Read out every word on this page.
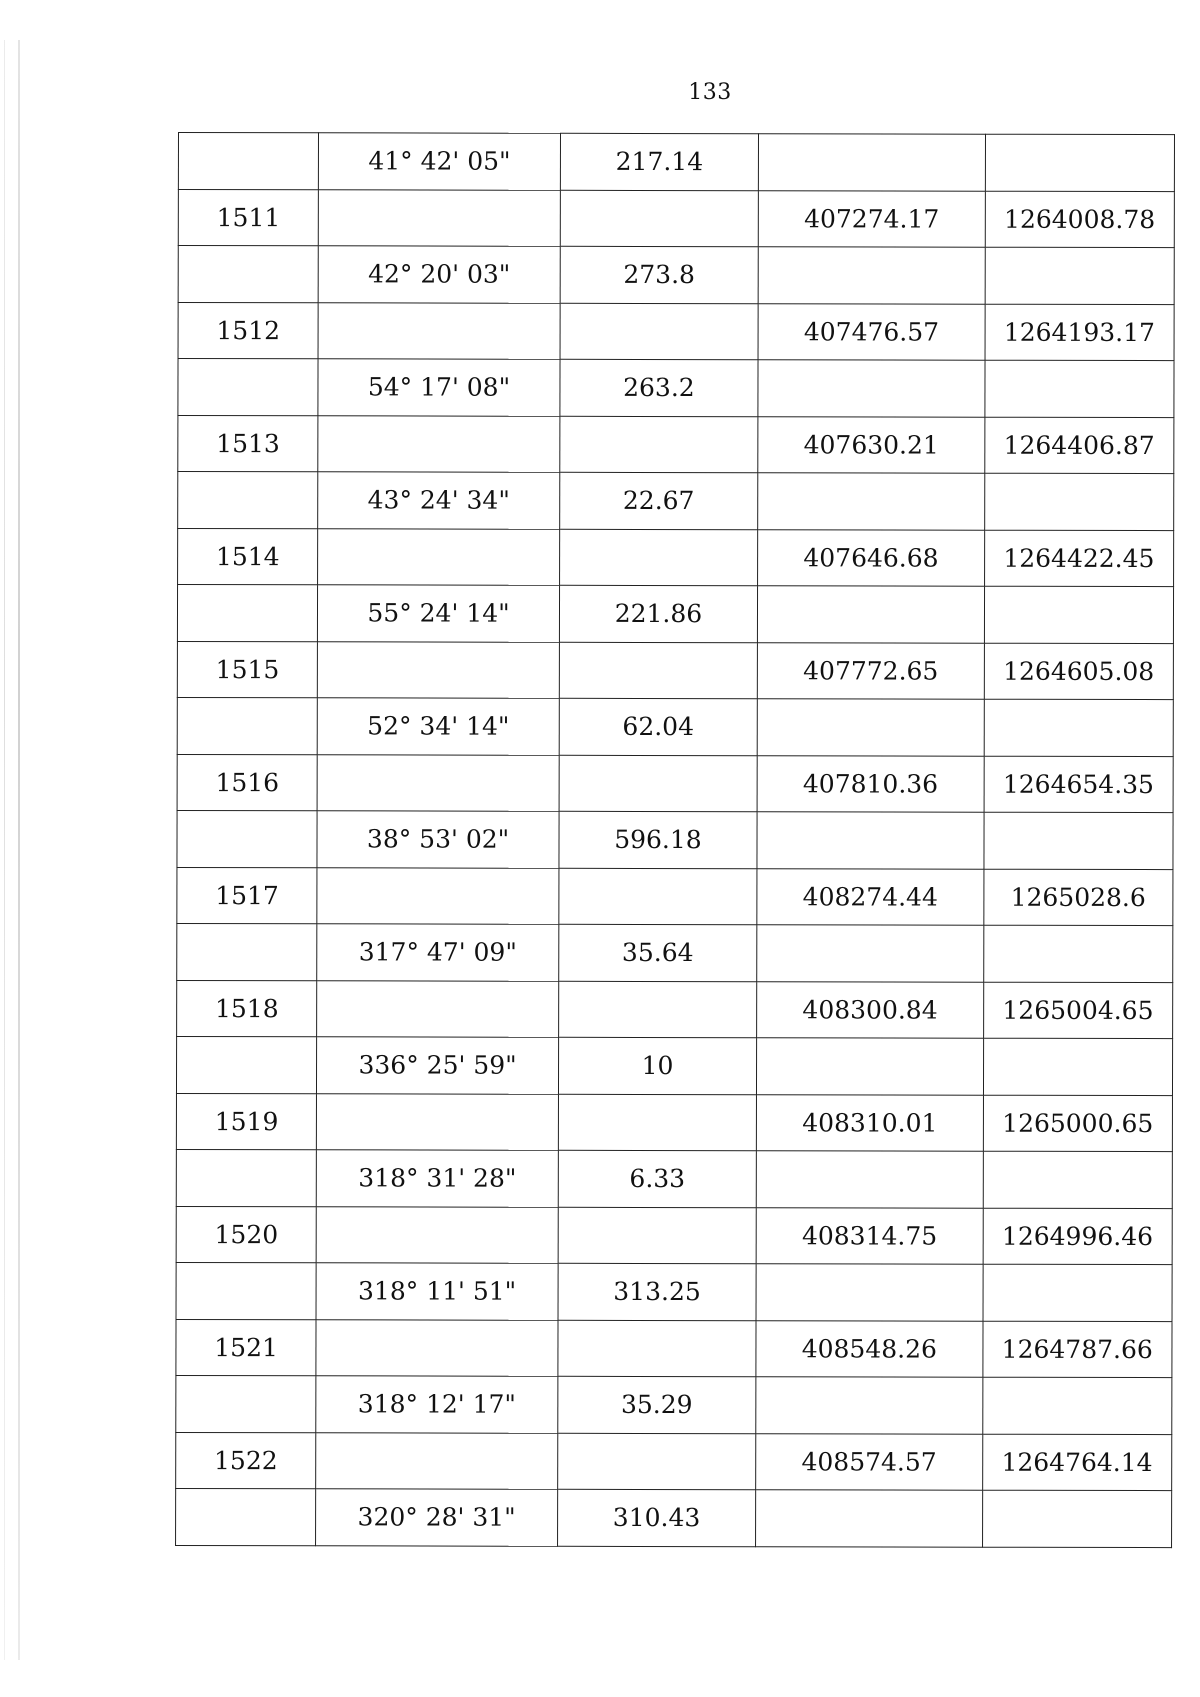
133
	41° 42' 05"	217.14		
1511			407274.17	1264008.78
	42° 20' 03"	273.8		
1512			407476.57	1264193.17
	54° 17' 08"	263.2		
1513			407630.21	1264406.87
	43° 24' 34"	22.67		
1514			407646.68	1264422.45
	55° 24' 14"	221.86		
1515			407772.65	1264605.08
	52° 34' 14"	62.04		
1516			407810.36	1264654.35
	38° 53' 02"	596.18		
1517			408274.44	1265028.6
	317° 47' 09"	35.64		
1518			408300.84	1265004.65
	336° 25' 59"	10		
1519			408310.01	1265000.65
	318° 31' 28"	6.33		
1520			408314.75	1264996.46
	318° 11' 51"	313.25		
1521			408548.26	1264787.66
	318° 12' 17"	35.29		
1522			408574.57	1264764.14
	320° 28' 31"	310.43		
